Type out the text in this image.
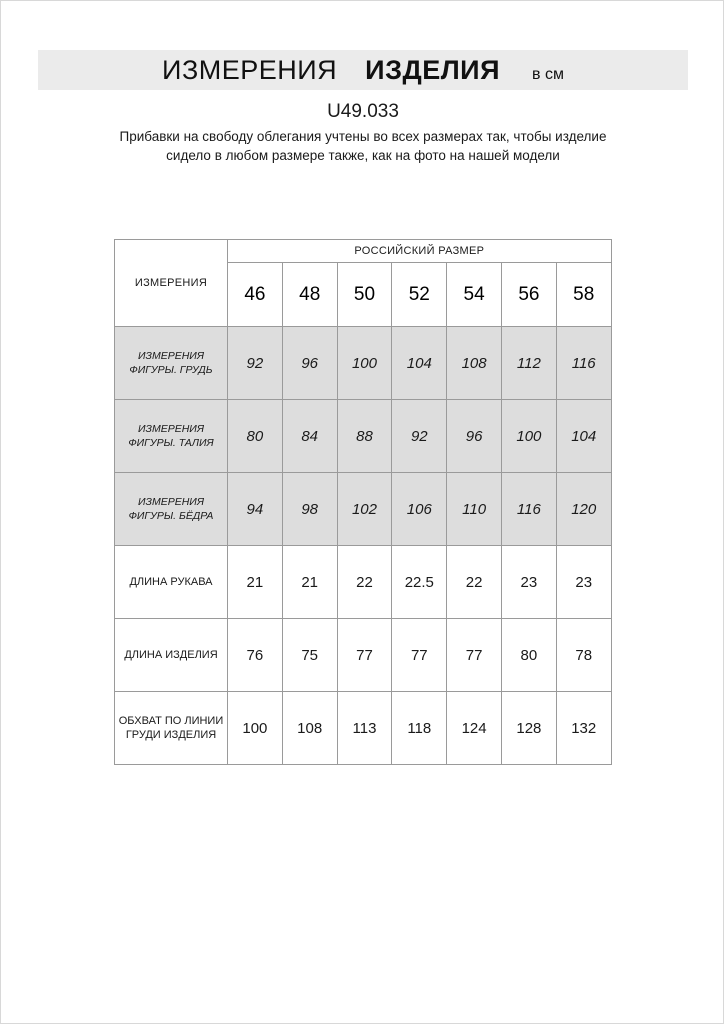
ИЗМЕРЕНИЯ ИЗДЕЛИЯ в см
U49.033
Прибавки на свободу облегания учтены во всех размерах так, чтобы изделие сидело в любом размере также, как на фото на нашей модели
ИЗМЕРЕНИЯ	РОССИЙСКИЙ РАЗМЕР						
	46	48	50	52	54	56	58
ИЗМЕРЕНИЯ ФИГУРЫ. ГРУДЬ	92	96	100	104	108	112	116
ИЗМЕРЕНИЯ ФИГУРЫ. ТАЛИЯ	80	84	88	92	96	100	104
ИЗМЕРЕНИЯ ФИГУРЫ. БЁДРА	94	98	102	106	110	116	120
ДЛИНА РУКАВА	21	21	22	22.5	22	23	23
ДЛИНА ИЗДЕЛИЯ	76	75	77	77	77	80	78
ОБХВАТ ПО ЛИНИИ ГРУДИ ИЗДЕЛИЯ	100	108	113	118	124	128	132
